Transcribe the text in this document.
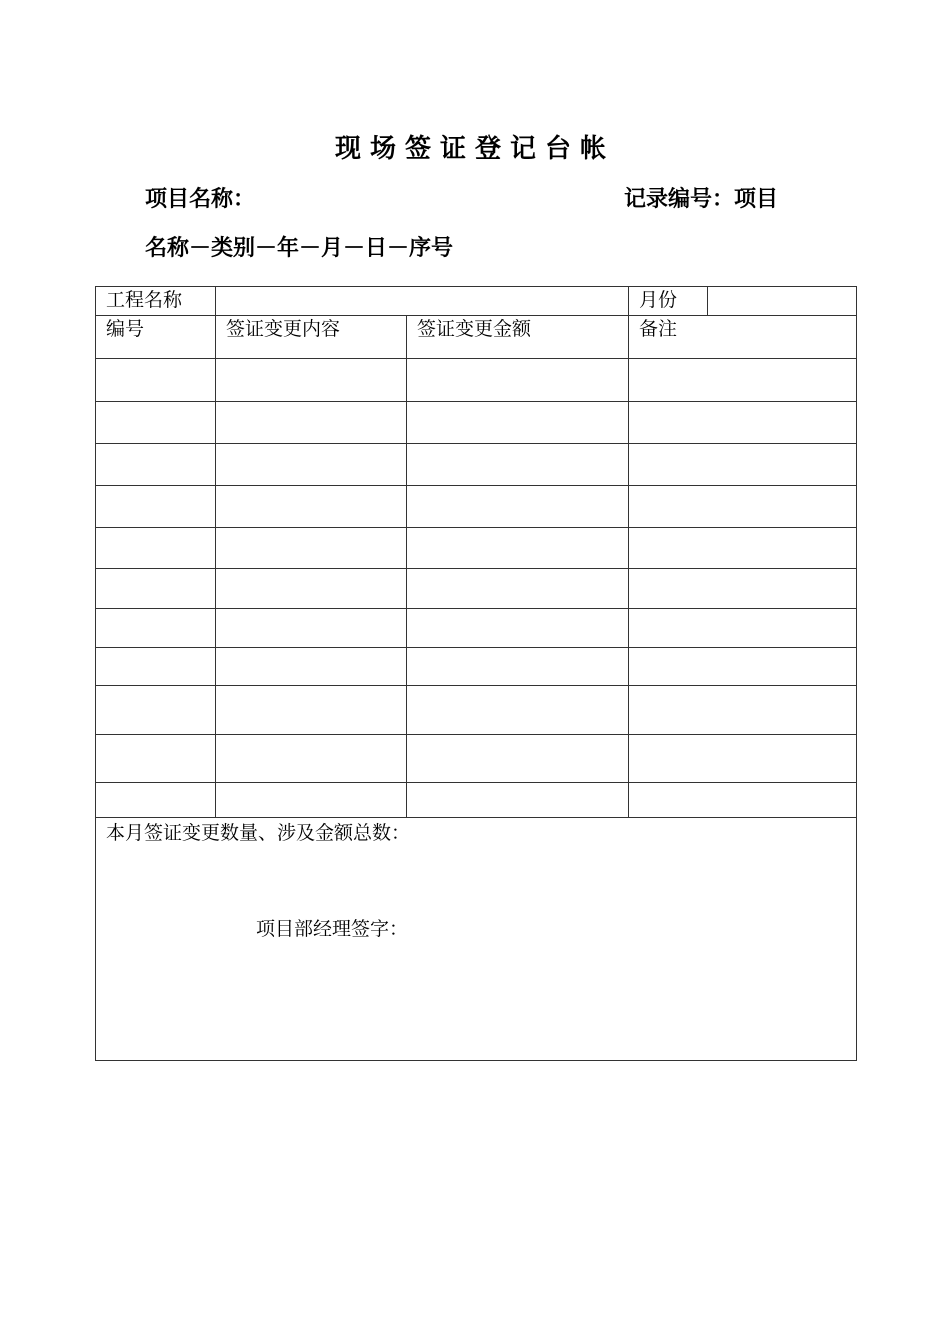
现场签证登记台帐
项目名称：	记录编号：项目
名称－类别－年－月－日－序号
工程名称			月份	
编号	签证变更内容	签证变更金额	备注	

本月签证变更数量、涉及金额总数：
项目部经理签字：				
